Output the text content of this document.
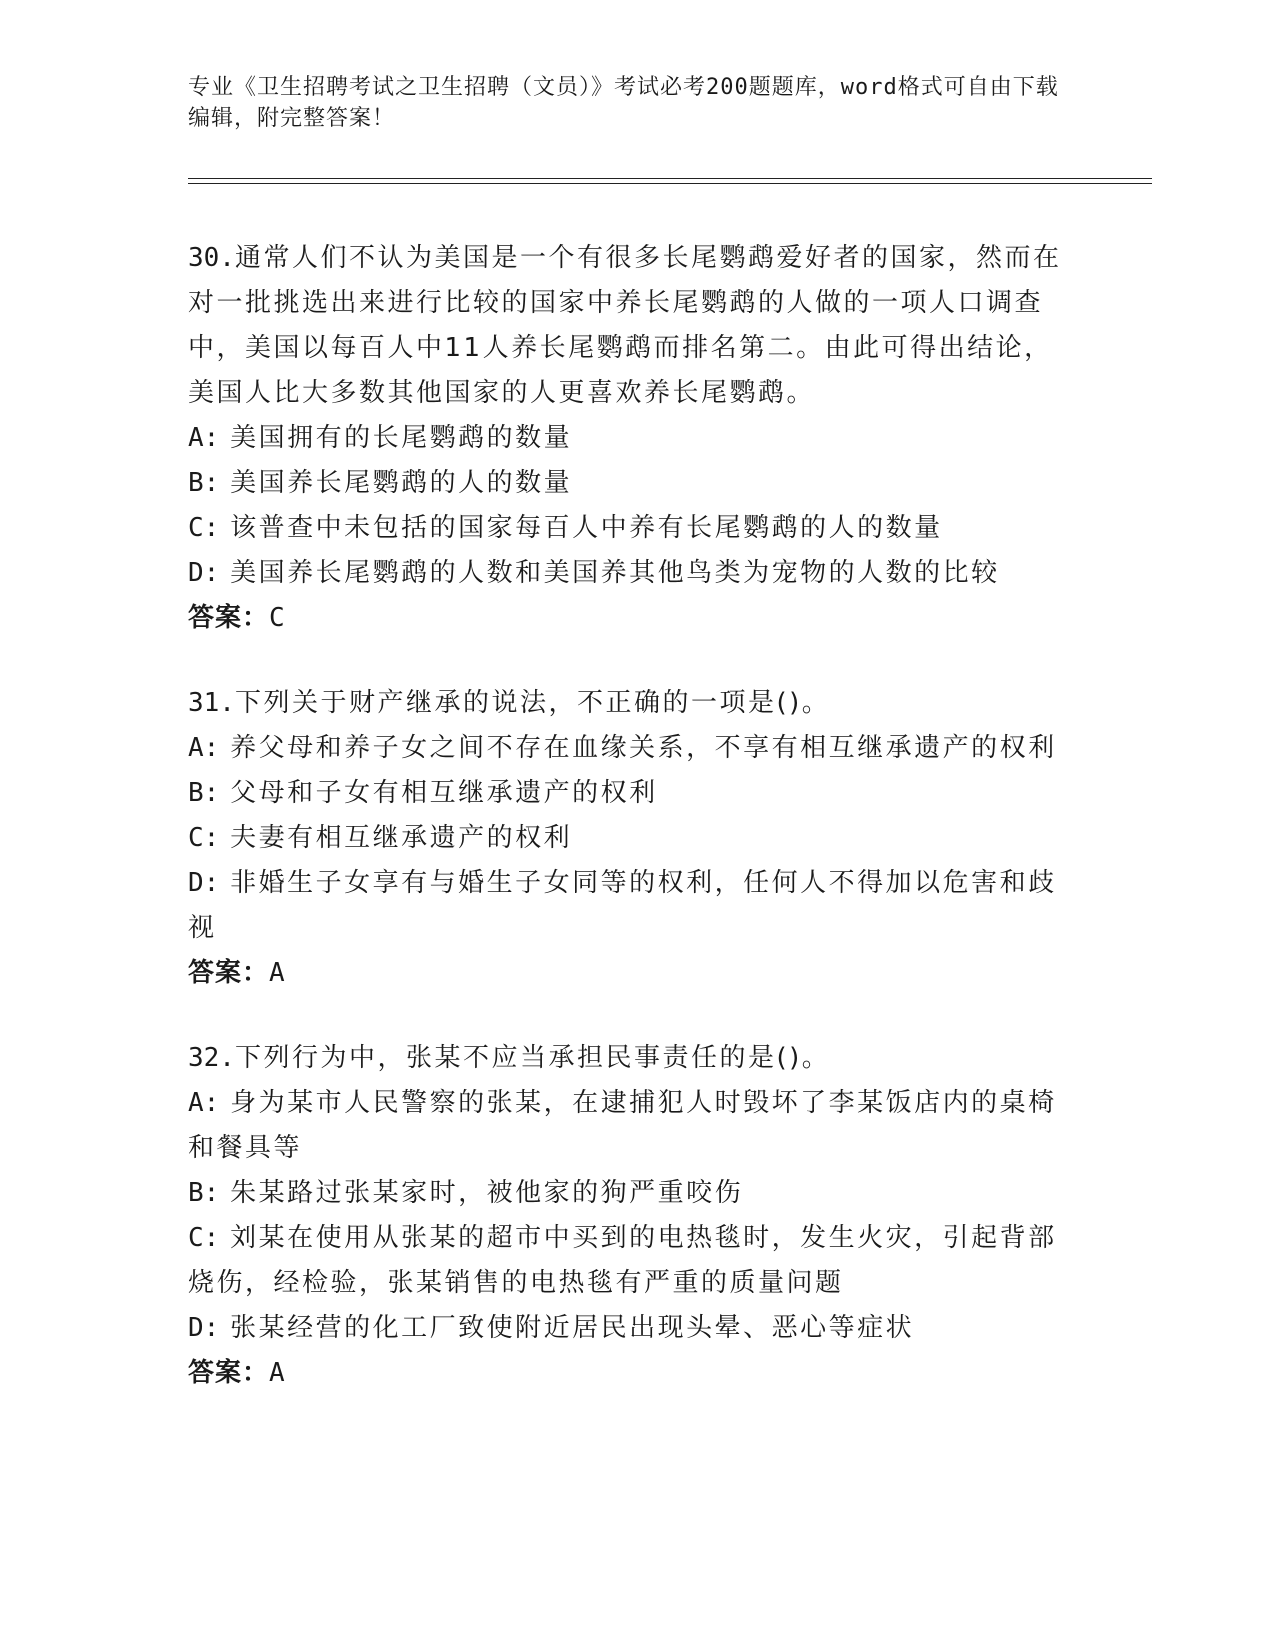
专业《卫生招聘考试之卫生招聘（文员）》考试必考200题题库，word格式可自由下载编辑，附完整答案！
30.通常人们不认为美国是一个有很多长尾鹦鹉爱好者的国家，然而在对一批挑选出来进行比较的国家中养长尾鹦鹉的人做的一项人口调查中，美国以每百人中11人养长尾鹦鹉而排名第二。由此可得出结论，美国人比大多数其他国家的人更喜欢养长尾鹦鹉。
A: 美国拥有的长尾鹦鹉的数量
B: 美国养长尾鹦鹉的人的数量
C: 该普查中未包括的国家每百人中养有长尾鹦鹉的人的数量
D: 美国养长尾鹦鹉的人数和美国养其他鸟类为宠物的人数的比较
答案：C
31.下列关于财产继承的说法，不正确的一项是()。
A: 养父母和养子女之间不存在血缘关系，不享有相互继承遗产的权利
B: 父母和子女有相互继承遗产的权利
C: 夫妻有相互继承遗产的权利
D: 非婚生子女享有与婚生子女同等的权利，任何人不得加以危害和歧视
答案：A
32.下列行为中，张某不应当承担民事责任的是()。
A: 身为某市人民警察的张某，在逮捕犯人时毁坏了李某饭店内的桌椅和餐具等
B: 朱某路过张某家时，被他家的狗严重咬伤
C: 刘某在使用从张某的超市中买到的电热毯时，发生火灾，引起背部烧伤，经检验，张某销售的电热毯有严重的质量问题
D: 张某经营的化工厂致使附近居民出现头晕、恶心等症状
答案：A
